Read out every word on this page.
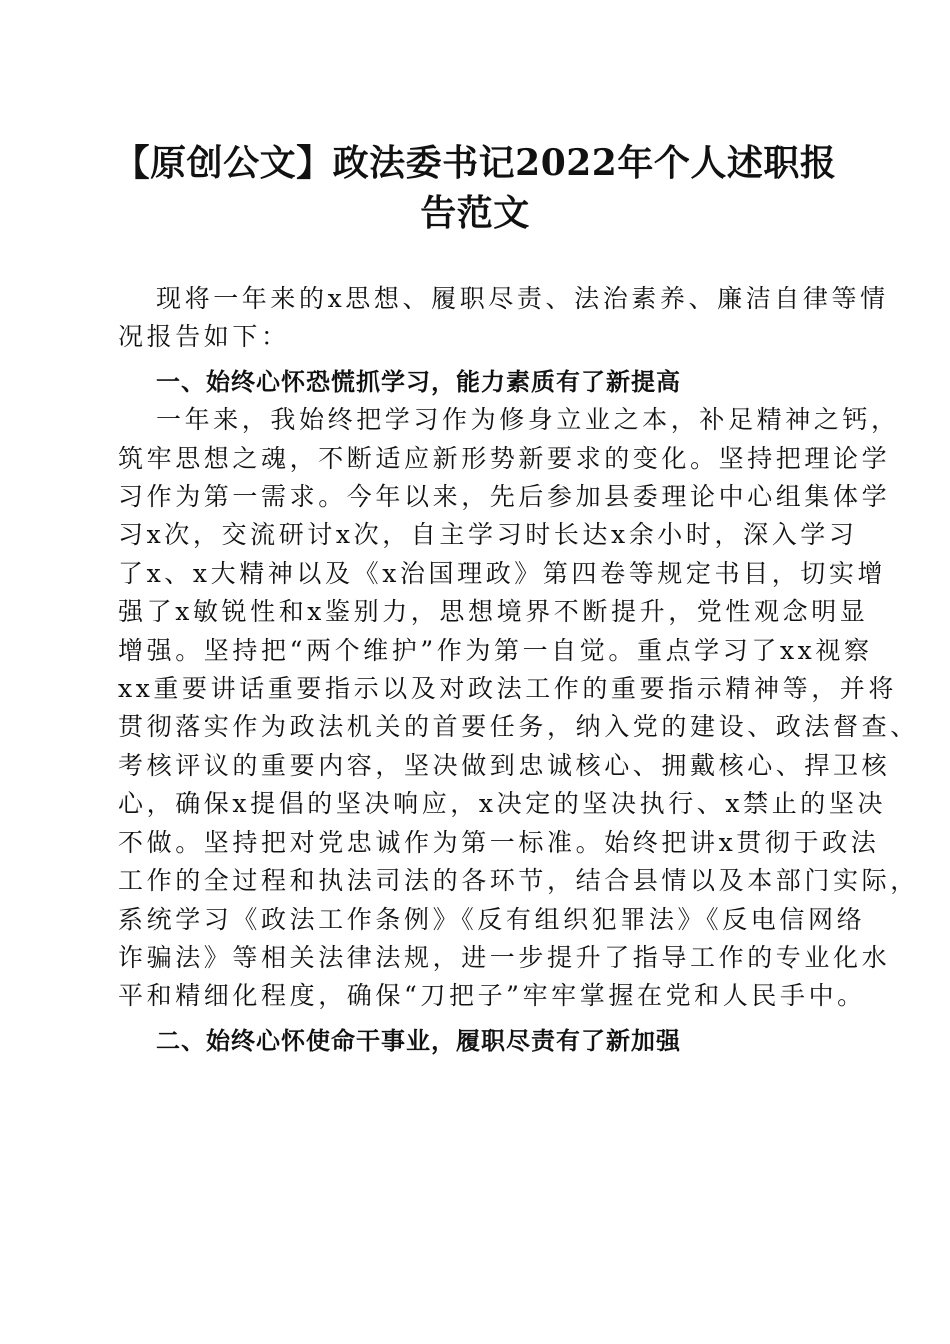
【原创公文】政法委书记2022年个人述职报
告范文
现将一年来的x思想、履职尽责、法治素养、廉洁自律等情
况报告如下：
一、始终心怀恐慌抓学习，能力素质有了新提高
一年来，我始终把学习作为修身立业之本，补足精神之钙，
筑牢思想之魂，不断适应新形势新要求的变化。坚持把理论学
习作为第一需求。今年以来，先后参加县委理论中心组集体学
习x次，交流研讨x次，自主学习时长达x余小时，深入学习
了x、x大精神以及《x治国理政》第四卷等规定书目，切实增
强了x敏锐性和x鉴别力，思想境界不断提升，党性观念明显
增强。坚持把“两个维护”作为第一自觉。重点学习了xx视察
xx重要讲话重要指示以及对政法工作的重要指示精神等，并将
贯彻落实作为政法机关的首要任务，纳入党的建设、政法督查、
考核评议的重要内容，坚决做到忠诚核心、拥戴核心、捍卫核
心，确保x提倡的坚决响应，x决定的坚决执行、x禁止的坚决
不做。坚持把对党忠诚作为第一标准。始终把讲x贯彻于政法
工作的全过程和执法司法的各环节，结合县情以及本部门实际，
系统学习《政法工作条例》《反有组织犯罪法》《反电信网络
诈骗法》等相关法律法规，进一步提升了指导工作的专业化水
平和精细化程度，确保“刀把子”牢牢掌握在党和人民手中。
二、始终心怀使命干事业，履职尽责有了新加强
